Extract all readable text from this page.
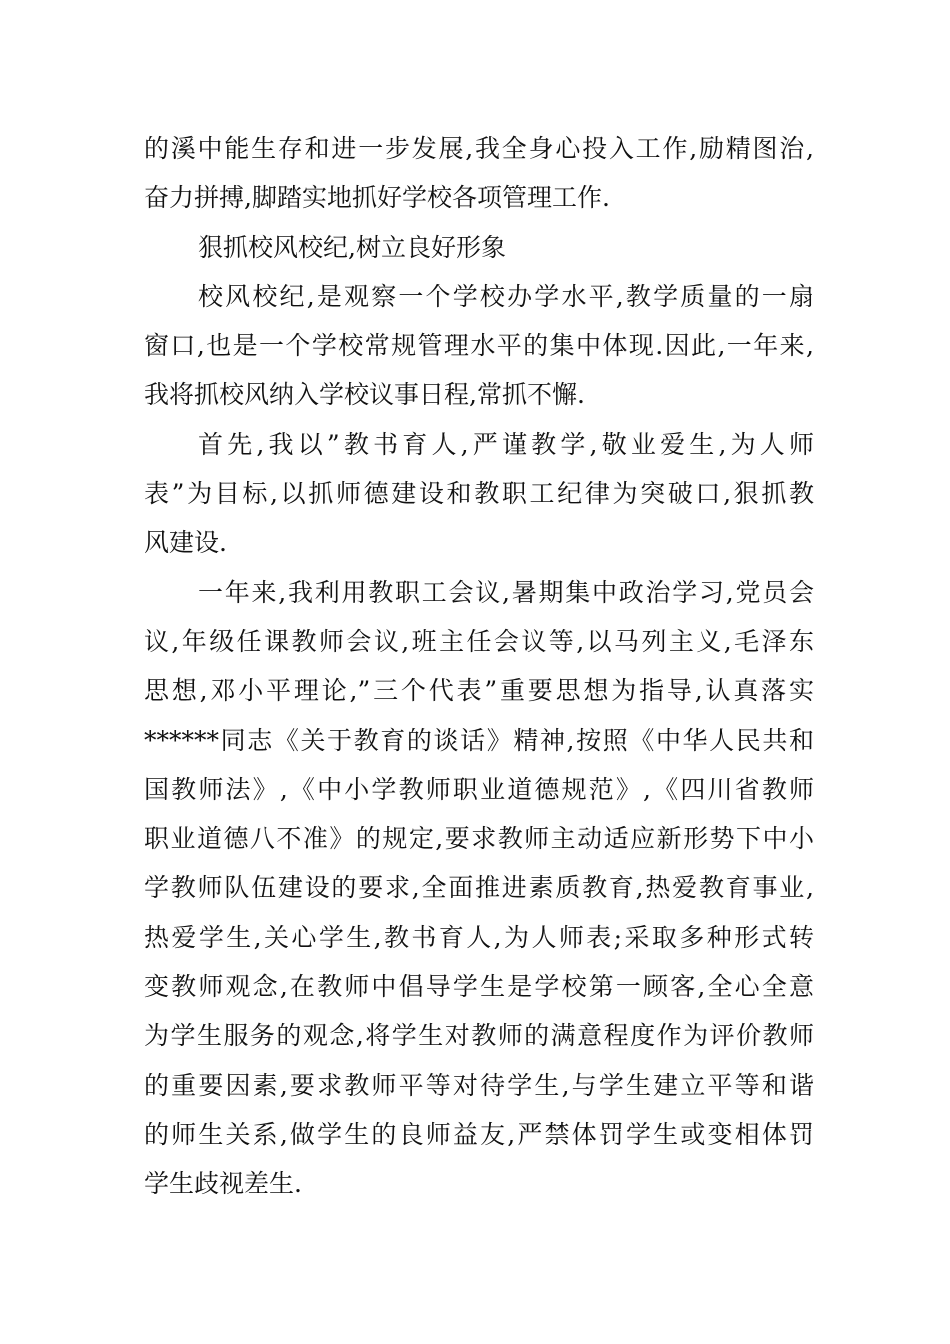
的溪中能生存和进一步发展,我全身心投入工作,励精图治,
奋力拼搏,脚踏实地抓好学校各项管理工作.
狠抓校风校纪,树立良好形象
校风校纪,是观察一个学校办学水平,教学质量的一扇
窗口,也是一个学校常规管理水平的集中体现.因此,一年来,
我将抓校风纳入学校议事日程,常抓不懈.
首先,我以”教书育人,严谨教学,敬业爱生,为人师
表”为目标,以抓师德建设和教职工纪律为突破口,狠抓教
风建设.
一年来,我利用教职工会议,暑期集中政治学习,党员会
议,年级任课教师会议,班主任会议等,以马列主义,毛泽东
思想,邓小平理论,”三个代表”重要思想为指导,认真落实
******同志《关于教育的谈话》精神,按照《中华人民共和
国教师法》,《中小学教师职业道德规范》,《四川省教师
职业道德八不准》的规定,要求教师主动适应新形势下中小
学教师队伍建设的要求,全面推进素质教育,热爱教育事业,
热爱学生,关心学生,教书育人,为人师表;采取多种形式转
变教师观念,在教师中倡导学生是学校第一顾客,全心全意
为学生服务的观念,将学生对教师的满意程度作为评价教师
的重要因素,要求教师平等对待学生,与学生建立平等和谐
的师生关系,做学生的良师益友,严禁体罚学生或变相体罚
学生歧视差生.
